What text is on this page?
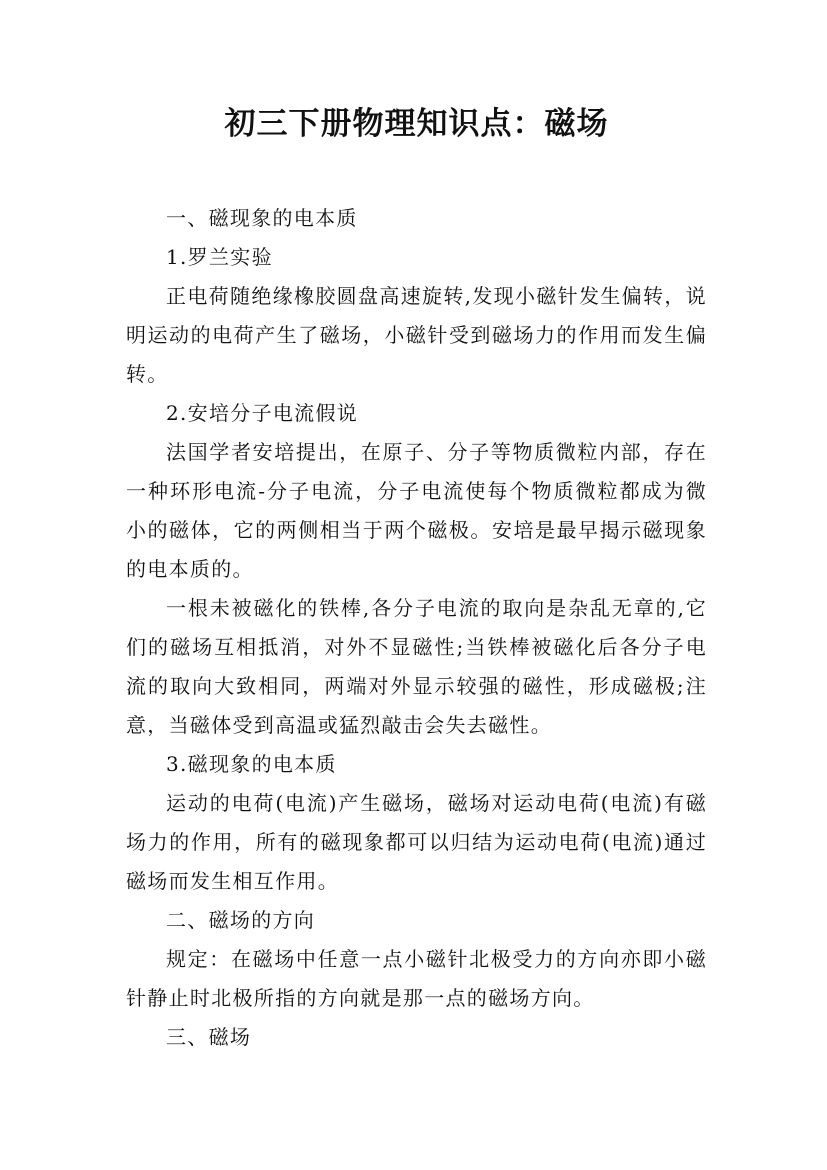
初三下册物理知识点：磁场

一、磁现象的电本质

1.罗兰实验

正电荷随绝缘橡胶圆盘高速旋转,发现小磁针发生偏转，说明运动的电荷产生了磁场，小磁针受到磁场力的作用而发生偏转。

2.安培分子电流假说

法国学者安培提出，在原子、分子等物质微粒内部，存在一种环形电流-分子电流，分子电流使每个物质微粒都成为微小的磁体，它的两侧相当于两个磁极。安培是最早揭示磁现象的电本质的。

一根未被磁化的铁棒,各分子电流的取向是杂乱无章的,它们的磁场互相抵消，对外不显磁性;当铁棒被磁化后各分子电流的取向大致相同，两端对外显示较强的磁性，形成磁极;注意，当磁体受到高温或猛烈敲击会失去磁性。

3.磁现象的电本质

运动的电荷(电流)产生磁场，磁场对运动电荷(电流)有磁场力的作用，所有的磁现象都可以归结为运动电荷(电流)通过磁场而发生相互作用。

二、磁场的方向

规定：在磁场中任意一点小磁针北极受力的方向亦即小磁针静止时北极所指的方向就是那一点的磁场方向。

三、磁场
